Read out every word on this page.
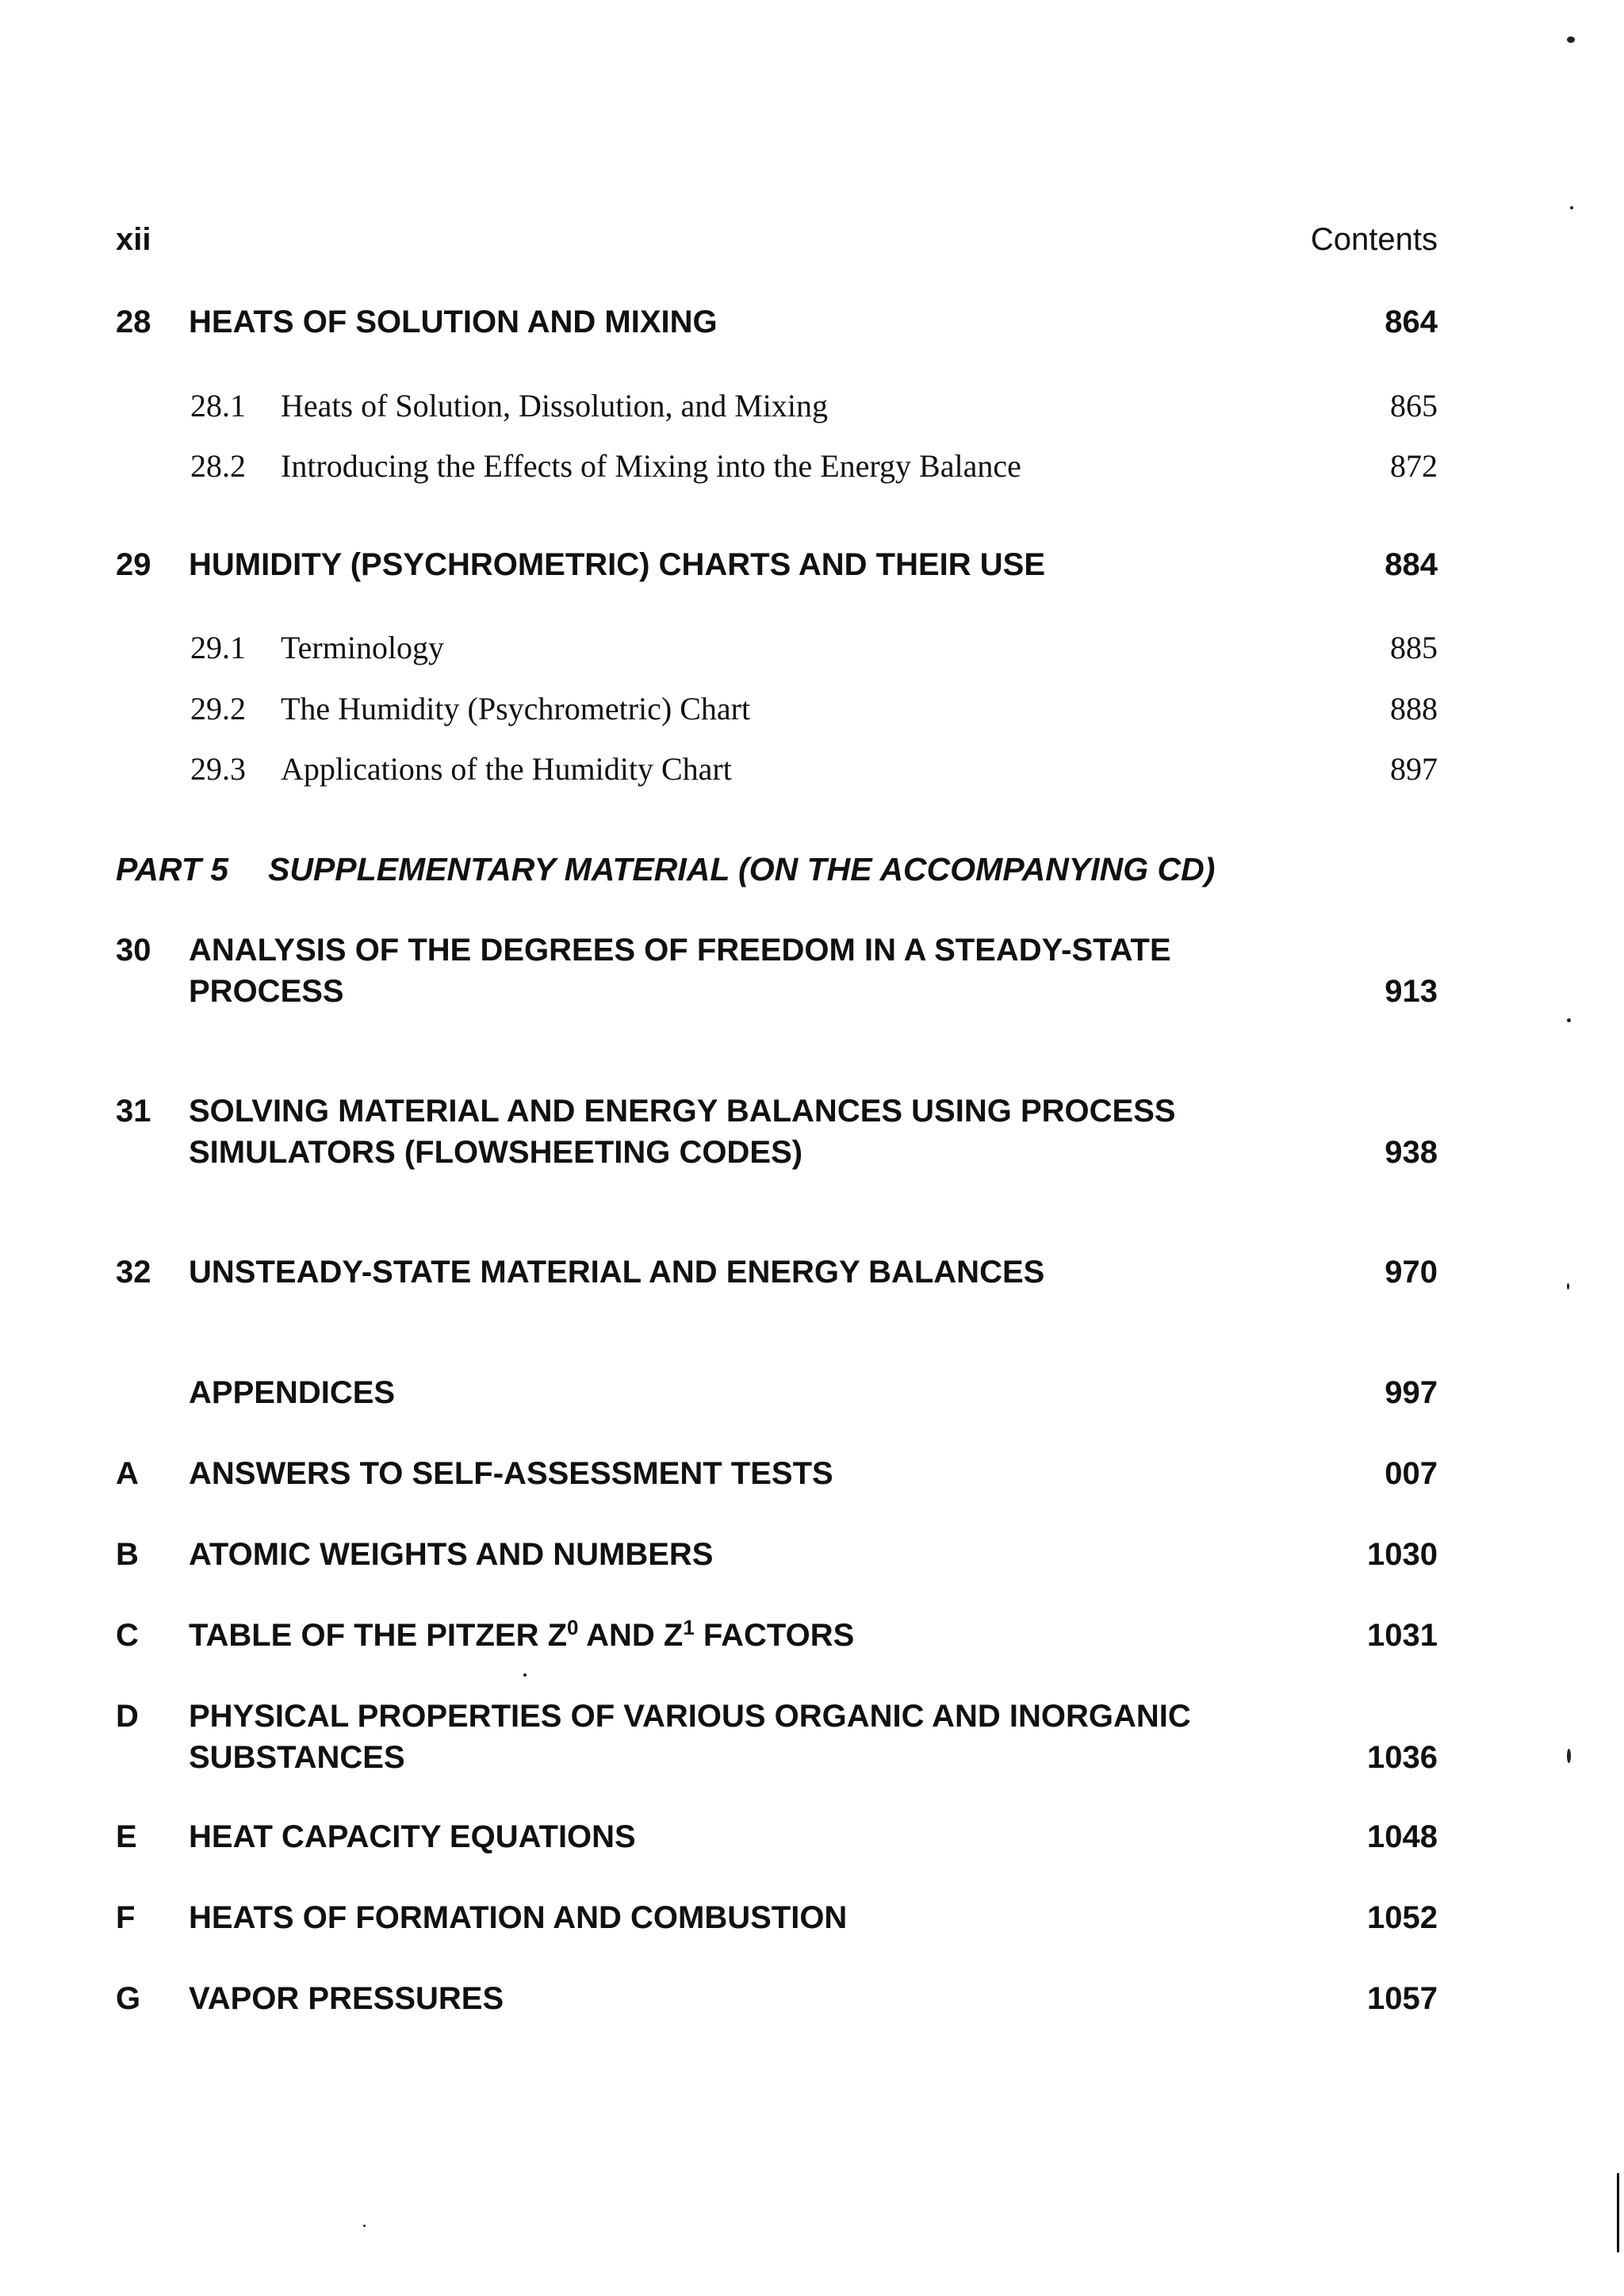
xii	Contents
28 HEATS OF SOLUTION AND MIXING	864
28.1 Heats of Solution, Dissolution, and Mixing	865
28.2 Introducing the Effects of Mixing into the Energy Balance	872
29 HUMIDITY (PSYCHROMETRIC) CHARTS AND THEIR USE	884
29.1 Terminology	885
29.2 The Humidity (Psychrometric) Chart	888
29.3 Applications of the Humidity Chart	897
PART 5 SUPPLEMENTARY MATERIAL (ON THE ACCOMPANYING CD)
30 ANALYSIS OF THE DEGREES OF FREEDOM IN A STEADY-STATE
PROCESS	913
31 SOLVING MATERIAL AND ENERGY BALANCES USING PROCESS
SIMULATORS (FLOWSHEETING CODES)	938
32 UNSTEADY-STATE MATERIAL AND ENERGY BALANCES	970
APPENDICES	997
A ANSWERS TO SELF-ASSESSMENT TESTS	007
B ATOMIC WEIGHTS AND NUMBERS	1030
C TABLE OF THE PITZER $Z^0$ AND $Z^1$ FACTORS	1031
D PHYSICAL PROPERTIES OF VARIOUS ORGANIC AND INORGANIC
SUBSTANCES	1036
E HEAT CAPACITY EQUATIONS	1048
F HEATS OF FORMATION AND COMBUSTION	1052
G VAPOR PRESSURES	1057
